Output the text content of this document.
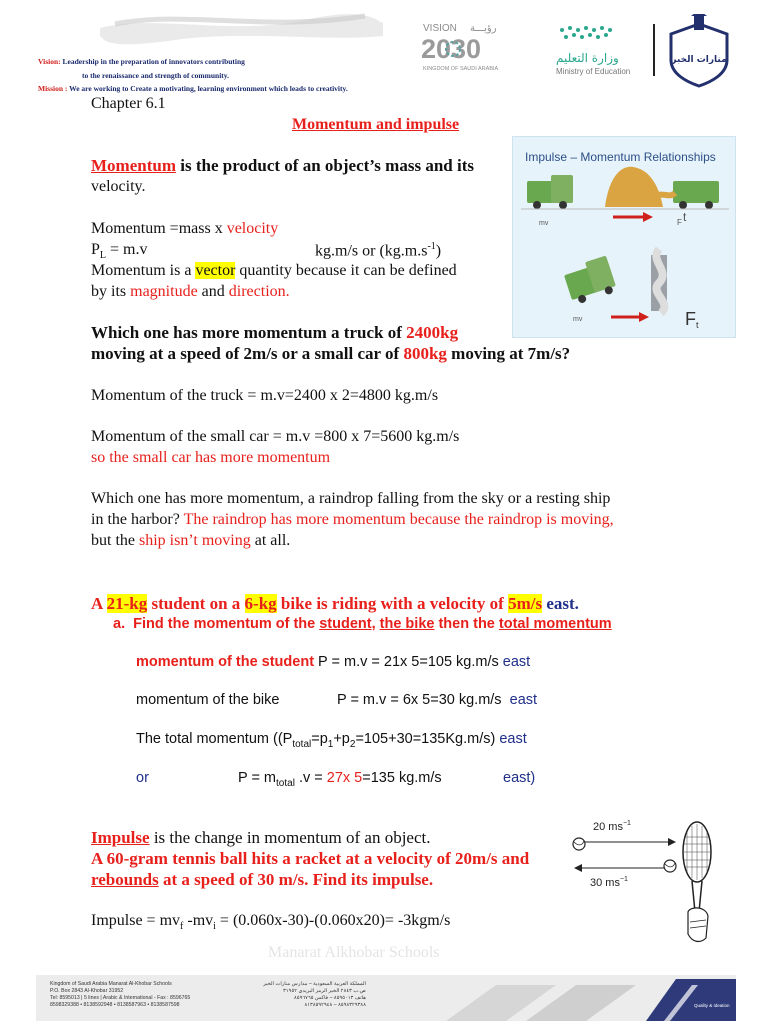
Vision: Leadership in the preparation of innovators contributing
to the renaissance and strength of community.
Mission : We are working to Create a motivating, learning environment which leads to creativity.
VISION رؤيـــة
2030
KINGDOM OF SAUDI ARABIA
وزارة التعليم
Ministry of Education
منارات الخبر
Chapter 6.1
Momentum and impulse
Momentum is the product of an object’s mass and its
velocity.
Momentum =mass x velocity
$P_L = m.v$	kg.m/s or $(kg.m.s^{-1})$
Momentum is a vector quantity because it can be defined
by its magnitude and direction.
Impulse – Momentum Relationships
mv	F t
mv	F t
Which one has more momentum a truck of 2400kg
moving at a speed of 2m/s or a small car of 800kg moving at 7m/s?
Momentum of the truck = m.v=2400 x 2=4800 kg.m/s
Momentum of the small car = m.v =800 x 7=5600 kg.m/s
so the small car has more momentum
Which one has more momentum, a raindrop falling from the sky or a resting ship
in the harbor? The raindrop has more momentum because the raindrop is moving,
but the ship isn’t moving at all.
A 21-kg student on a 6-kg bike is riding with a velocity of 5m/s east.
a. Find the momentum of the student, the bike then the total momentum
momentum of the student P = m.v = 21x 5=105 kg.m/s east
momentum of the bike	P = m.v = 6x 5=30 kg.m/s east
The total momentum ($(P_{total}=p_1+p_2=105+30=135Kg.m/s)$ east
or	$P = m_{total}$ .v = 27x 5=135 kg.m/s	east)
Impulse is the change in momentum of an object.
A 60-gram tennis ball hits a racket at a velocity of 20m/s and
rebounds at a speed of 30 m/s. Find its impulse.
Impulse = $mv_f$ $-mv_i = (0.060x-30)-(0.060x20)= -3kgm/s$
20 $ms^{-1}$
30 $ms^{-1}$
Manarat Alkhobar Schools
Kingdom of Saudi Arabia Manarat Al-Khobar Schools
P.O. Box 2843 Al-Khobar 31952
Tel: 8595013 | 5 lines | Arabic & International - Fax : 8596765
8598329388 • 8138592948 • 8138587963 • 8138587598
المملكة العربية السعودية – مدارس منارات الخبر
ص.ب ٢٨٤٣ الخبر الرمز البريدي ٣١٩٥٢
هاتف ٨٥٩٥٠١٣ – فاكس ٨٥٩٦٧٦٥
٨٥٩٨٣٢٩٣٨٨ – ٨١٣٨٥٩٢٩٤٨	Quality & Ideation
